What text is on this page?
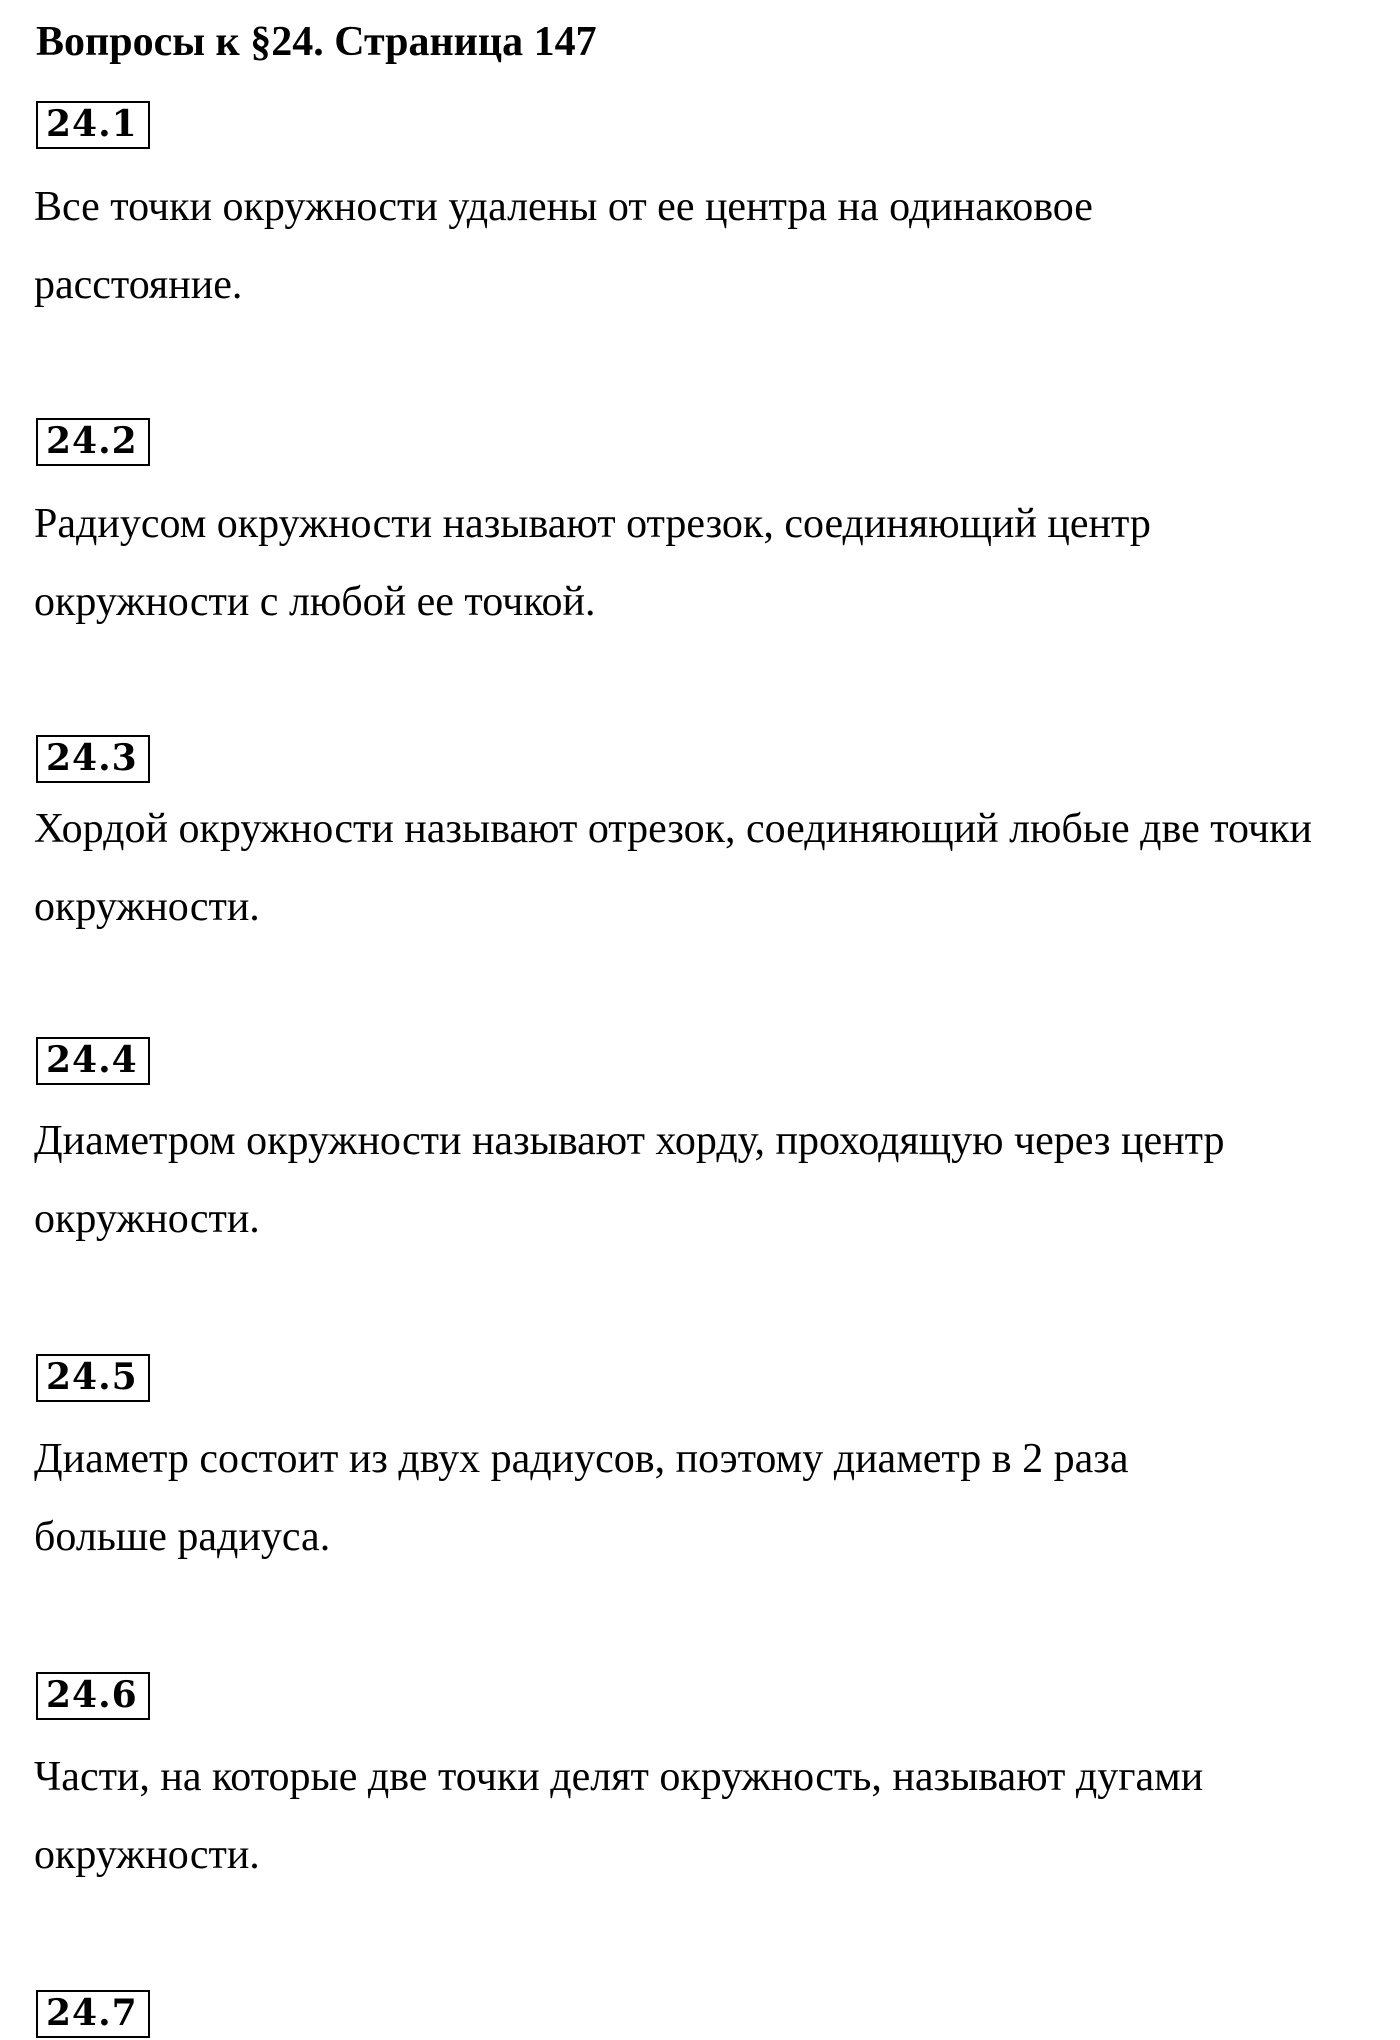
Вопросы к §24. Страница 147
24.1

Все точки окружности удалены от ее центра на одинаковое расстояние.

24.2

Радиусом окружности называют отрезок, соединяющий центр окружности с любой ее точкой.

24.3

Хордой окружности называют отрезок, соединяющий любые две точки окружности.

24.4

Диаметром окружности называют хорду, проходящую через центр окружности.

24.5

Диаметр состоит из двух радиусов, поэтому диаметр в 2 раза больше радиуса.

24.6

Части, на которые две точки делят окружность, называют дугами окружности.

24.7
